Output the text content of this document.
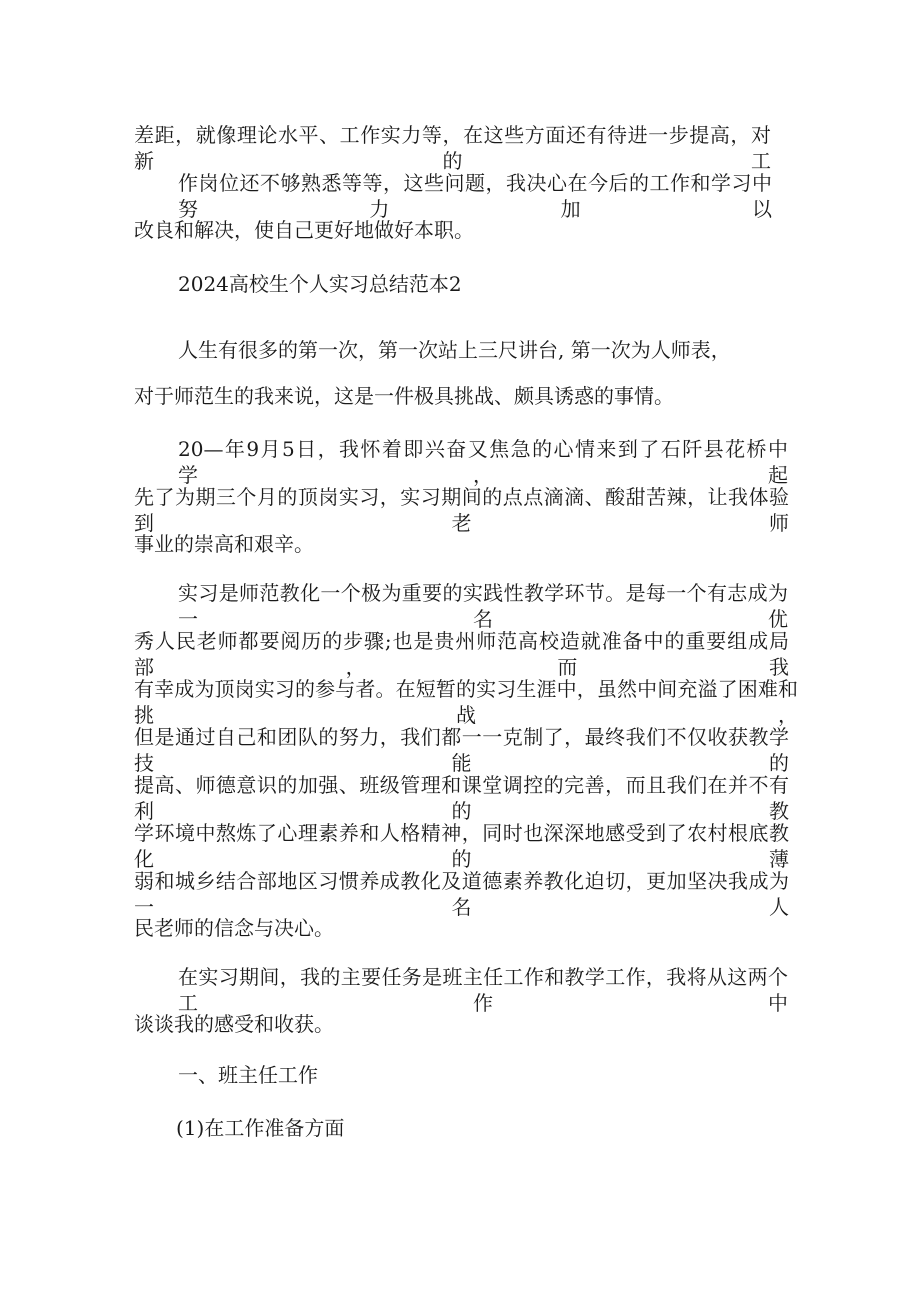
差距，就像理论水平、工作实力等，在这些方面还有待进一步提高，对新的工

作岗位还不够熟悉等等，这些问题，我决心在今后的工作和学习中努力加以

改良和解决，使自己更好地做好本职。

2024高校生个人实习总结范本2

人生有很多的第一次，第一次站上三尺讲台, 第一次为人师表，

对于师范生的我来说，这是一件极具挑战、颇具诱惑的事情。

20—年9月5日，我怀着即兴奋又焦急的心情来到了石阡县花桥中学，起

先了为期三个月的顶岗实习，实习期间的点点滴滴、酸甜苦辣，让我体验到老师

事业的崇高和艰辛。

实习是师范教化一个极为重要的实践性教学环节。是每一个有志成为一名优

秀人民老师都要阅历的步骤;也是贵州师范高校造就准备中的重要组成局部，而我

有幸成为顶岗实习的参与者。在短暂的实习生涯中，虽然中间充溢了困难和挑战，

但是通过自己和团队的努力，我们都一一克制了，最终我们不仅收获教学技能的

提高、师德意识的加强、班级管理和课堂调控的完善，而且我们在并不有利的教

学环境中熬炼了心理素养和人格精神，同时也深深地感受到了农村根底教化的薄

弱和城乡结合部地区习惯养成教化及道德素养教化迫切，更加坚决我成为一名人

民老师的信念与决心。

在实习期间，我的主要任务是班主任工作和教学工作，我将从这两个工作中

谈谈我的感受和收获。

一、班主任工作

(1)在工作准备方面
